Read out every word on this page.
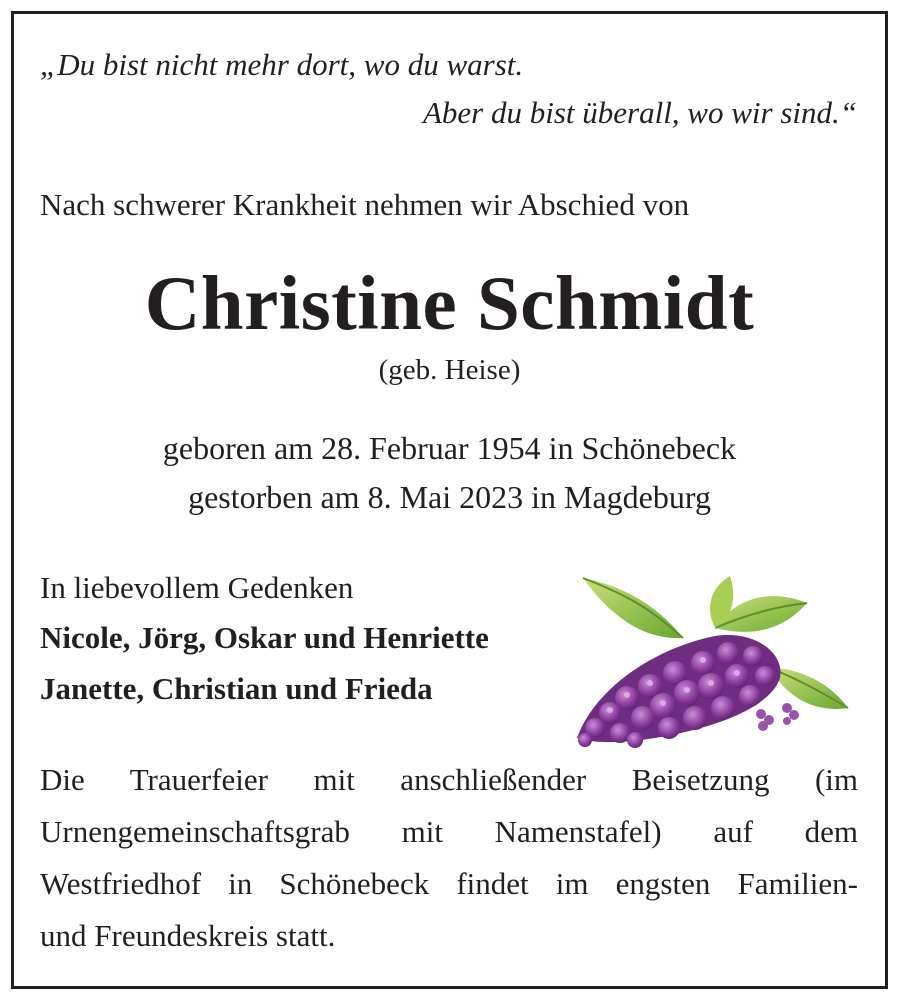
„Du bist nicht mehr dort, wo du warst.

Aber du bist überall, wo wir sind.“

Nach schwerer Krankheit nehmen wir Abschied von

Christine Schmidt

(geb. Heise)

geboren am 28. Februar 1954 in Schönebeck

gestorben am 8. Mai 2023 in Magdeburg

In liebevollem Gedenken

Nicole, Jörg, Oskar und Henriette

Janette, Christian und Frieda

Die Trauerfeier mit anschließender Beisetzung (im

Urnengemeinschaftsgrab mit Namenstafel) auf dem

Westfriedhof in Schönebeck findet im engsten Familien-

und Freundeskreis statt.
